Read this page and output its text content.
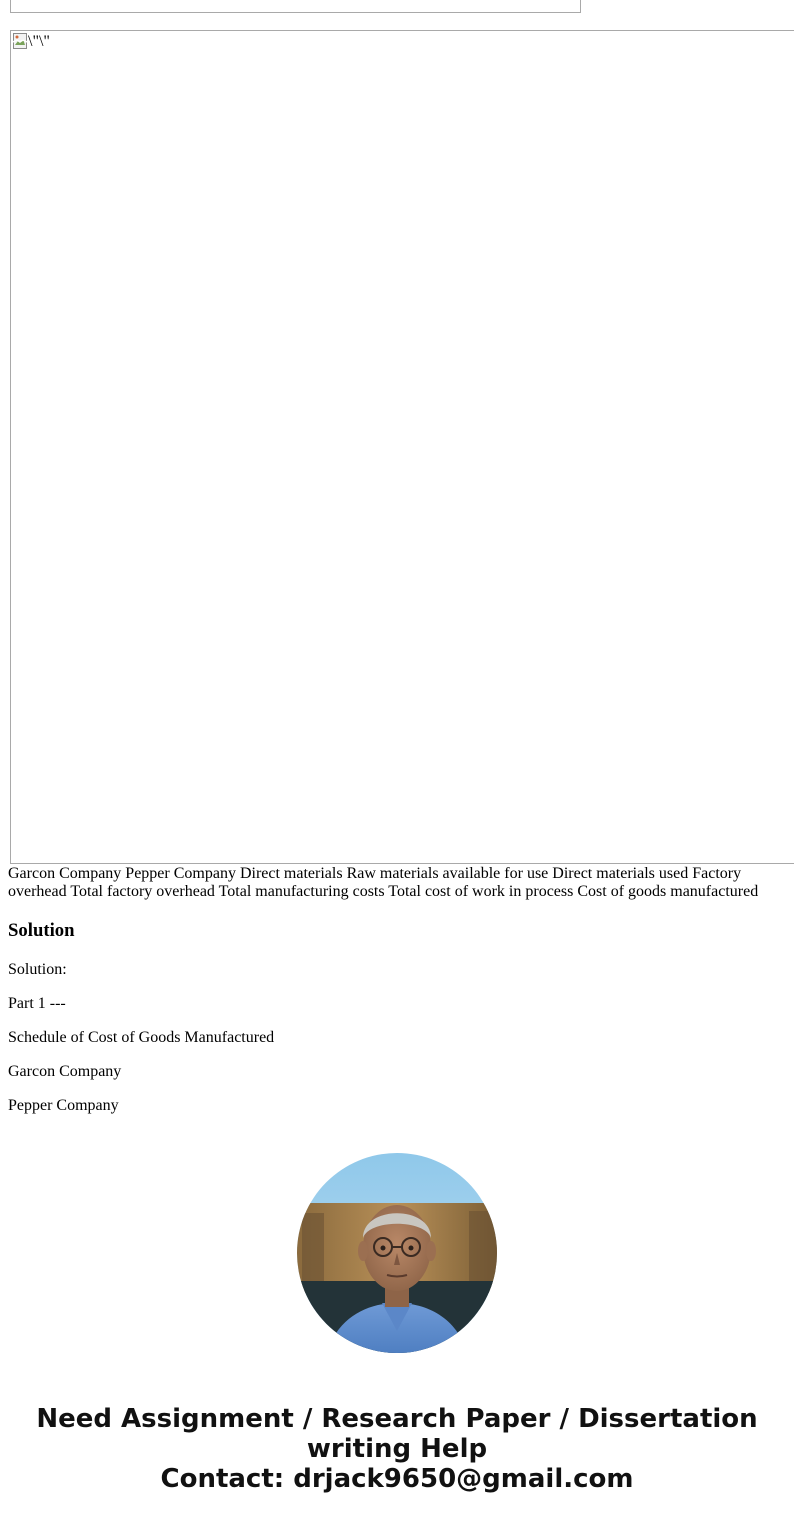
\"\"
Garcon Company Pepper Company Direct materials Raw materials available for use Direct materials used Factory overhead Total factory overhead Total manufacturing costs Total cost of work in process Cost of goods manufactured
Solution

Solution:

Part 1 ---

Schedule of Cost of Goods Manufactured

Garcon Company

Pepper Company

Need Assignment / Research Paper / Dissertation
writing Help
Contact: drjack9650@gmail.com
